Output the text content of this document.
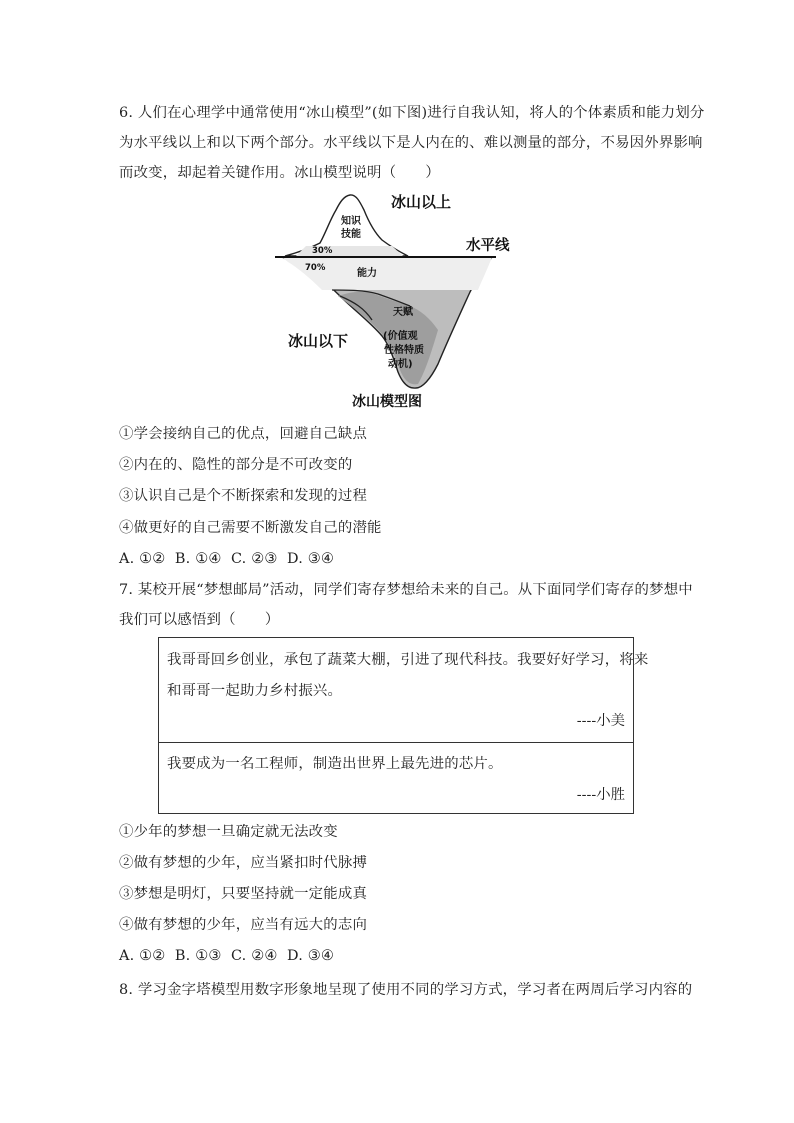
6. 人们在心理学中通常使用“冰山模型”(如下图)进行自我认知，将人的个体素质和能力划分
为水平线以上和以下两个部分。水平线以下是人内在的、难以测量的部分，不易因外界影响
而改变，却起着关键作用。冰山模型说明（　　）
冰山以上
水平线
冰山以下
知识
技能
30%
70%	能力
天赋
(价值观
性格特质
动机)
冰山模型图
①学会接纳自己的优点，回避自己缺点
②内在的、隐性的部分是不可改变的
③认识自己是个不断探索和发现的过程
④做更好的自己需要不断激发自己的潜能
A. ①②  B. ①④  C. ②③  D. ③④
7. 某校开展“梦想邮局”活动，同学们寄存梦想给未来的自己。从下面同学们寄存的梦想中
我们可以感悟到（　　）
我哥哥回乡创业，承包了蔬菜大棚，引进了现代科技。我要好好学习，将来
和哥哥一起助力乡村振兴。
----小美
我要成为一名工程师，制造出世界上最先进的芯片。
----小胜
①少年的梦想一旦确定就无法改变
②做有梦想的少年，应当紧扣时代脉搏
③梦想是明灯，只要坚持就一定能成真
④做有梦想的少年，应当有远大的志向
A. ①②  B. ①③  C. ②④  D. ③④
8. 学习金字塔模型用数字形象地呈现了使用不同的学习方式，学习者在两周后学习内容的
